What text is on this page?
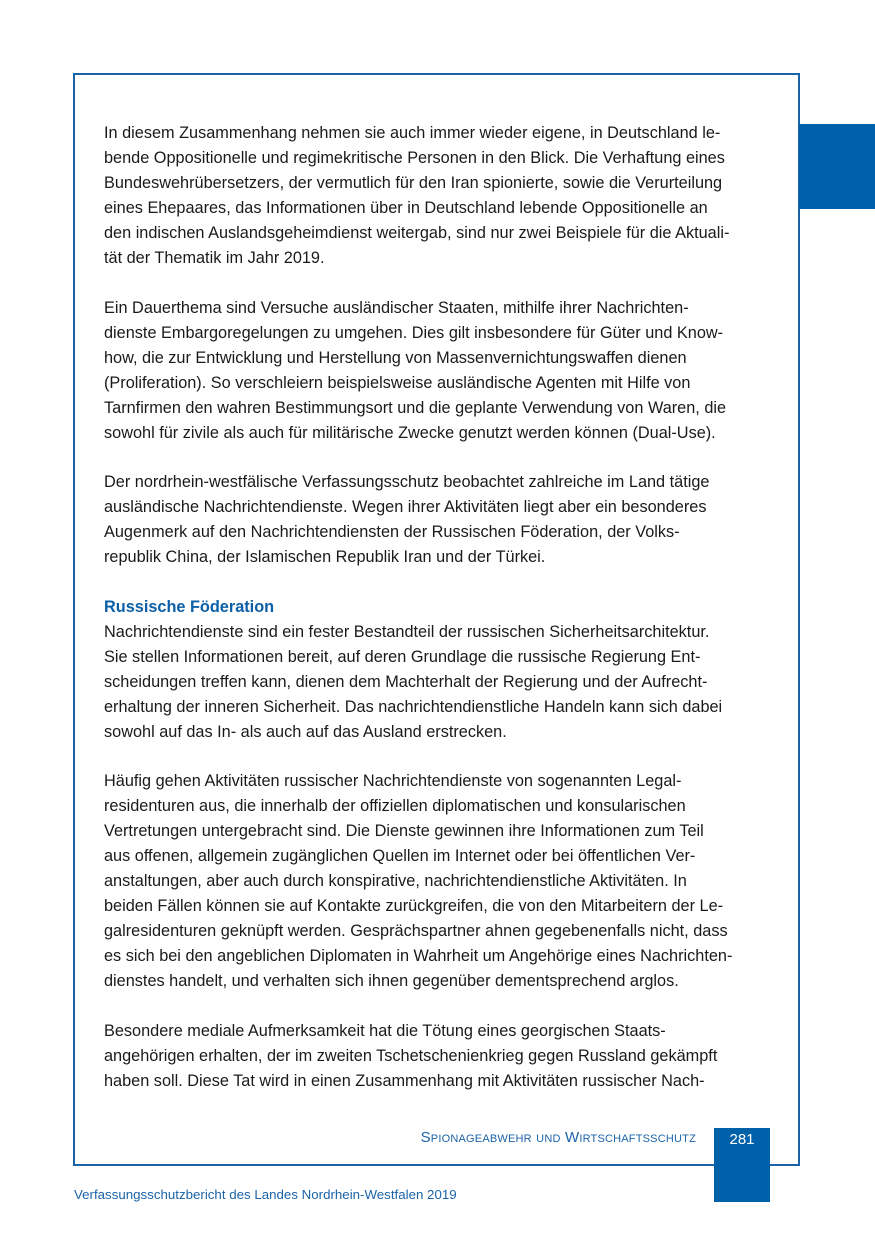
In diesem Zusammenhang nehmen sie auch immer wieder eigene, in Deutschland le-
bende Oppositionelle und regimekritische Personen in den Blick. Die Verhaftung eines
Bundeswehrübersetzers, der vermutlich für den Iran spionierte, sowie die Verurteilung
eines Ehepaares, das Informationen über in Deutschland lebende Oppositionelle an
den indischen Auslandsgeheimdienst weitergab, sind nur zwei Beispiele für die Aktuali-
tät der Thematik im Jahr 2019.

Ein Dauerthema sind Versuche ausländischer Staaten, mithilfe ihrer Nachrichten-
dienste Embargoregelungen zu umgehen. Dies gilt insbesondere für Güter und Know-
how, die zur Entwicklung und Herstellung von Massenvernichtungswaffen dienen
(Proliferation). So verschleiern beispielsweise ausländische Agenten mit Hilfe von
Tarnfirmen den wahren Bestimmungsort und die geplante Verwendung von Waren, die
sowohl für zivile als auch für militärische Zwecke genutzt werden können (Dual-Use).

Der nordrhein-westfälische Verfassungsschutz beobachtet zahlreiche im Land tätige
ausländische Nachrichtendienste. Wegen ihrer Aktivitäten liegt aber ein besonderes
Augenmerk auf den Nachrichtendiensten der Russischen Föderation, der Volks-
republik China, der Islamischen Republik Iran und der Türkei.

Russische Föderation
Nachrichtendienste sind ein fester Bestandteil der russischen Sicherheitsarchitektur.
Sie stellen Informationen bereit, auf deren Grundlage die russische Regierung Ent-
scheidungen treffen kann, dienen dem Machterhalt der Regierung und der Aufrecht-
erhaltung der inneren Sicherheit. Das nachrichtendienstliche Handeln kann sich dabei
sowohl auf das In- als auch auf das Ausland erstrecken.

Häufig gehen Aktivitäten russischer Nachrichtendienste von sogenannten Legal-
residenturen aus, die innerhalb der offiziellen diplomatischen und konsularischen
Vertretungen untergebracht sind. Die Dienste gewinnen ihre Informationen zum Teil
aus offenen, allgemein zugänglichen Quellen im Internet oder bei öffentlichen Ver-
anstaltungen, aber auch durch konspirative, nachrichtendienstliche Aktivitäten. In
beiden Fällen können sie auf Kontakte zurückgreifen, die von den Mitarbeitern der Le-
galresidenturen geknüpft werden. Gesprächspartner ahnen gegebenenfalls nicht, dass
es sich bei den angeblichen Diplomaten in Wahrheit um Angehörige eines Nachrichten-
dienstes handelt, und verhalten sich ihnen gegenüber dementsprechend arglos.

Besondere mediale Aufmerksamkeit hat die Tötung eines georgischen Staats-
angehörigen erhalten, der im zweiten Tschetschenienkrieg gegen Russland gekämpft
haben soll. Diese Tat wird in einen Zusammenhang mit Aktivitäten russischer Nach-

Spionageabwehr und Wirtschaftsschutz	281
Verfassungsschutzbericht des Landes Nordrhein-Westfalen 2019
